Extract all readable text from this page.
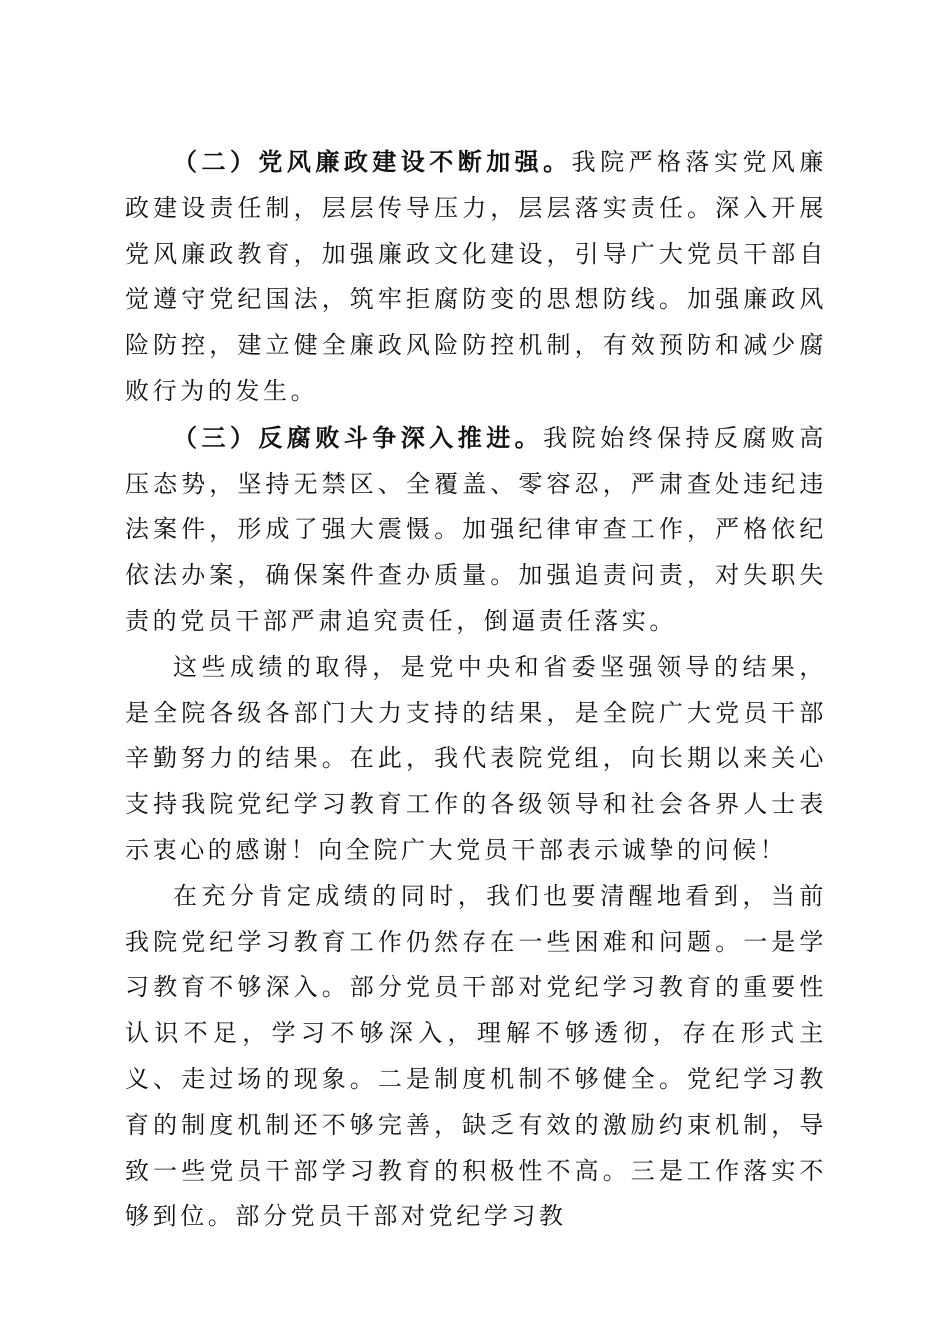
（二）党风廉政建设不断加强。我院严格落实党风廉政建设责任制，层层传导压力，层层落实责任。深入开展党风廉政教育，加强廉政文化建设，引导广大党员干部自觉遵守党纪国法，筑牢拒腐防变的思想防线。加强廉政风险防控，建立健全廉政风险防控机制，有效预防和减少腐败行为的发生。

（三）反腐败斗争深入推进。我院始终保持反腐败高压态势，坚持无禁区、全覆盖、零容忍，严肃查处违纪违法案件，形成了强大震慑。加强纪律审查工作，严格依纪依法办案，确保案件查办质量。加强追责问责，对失职失责的党员干部严肃追究责任，倒逼责任落实。

这些成绩的取得，是党中央和省委坚强领导的结果，是全院各级各部门大力支持的结果，是全院广大党员干部辛勤努力的结果。在此，我代表院党组，向长期以来关心支持我院党纪学习教育工作的各级领导和社会各界人士表示衷心的感谢！向全院广大党员干部表示诚挚的问候！

在充分肯定成绩的同时，我们也要清醒地看到，当前我院党纪学习教育工作仍然存在一些困难和问题。一是学习教育不够深入。部分党员干部对党纪学习教育的重要性认识不足，学习不够深入，理解不够透彻，存在形式主义、走过场的现象。二是制度机制不够健全。党纪学习教育的制度机制还不够完善，缺乏有效的激励约束机制，导致一些党员干部学习教育的积极性不高。三是工作落实不够到位。部分党员干部对党纪学习教
